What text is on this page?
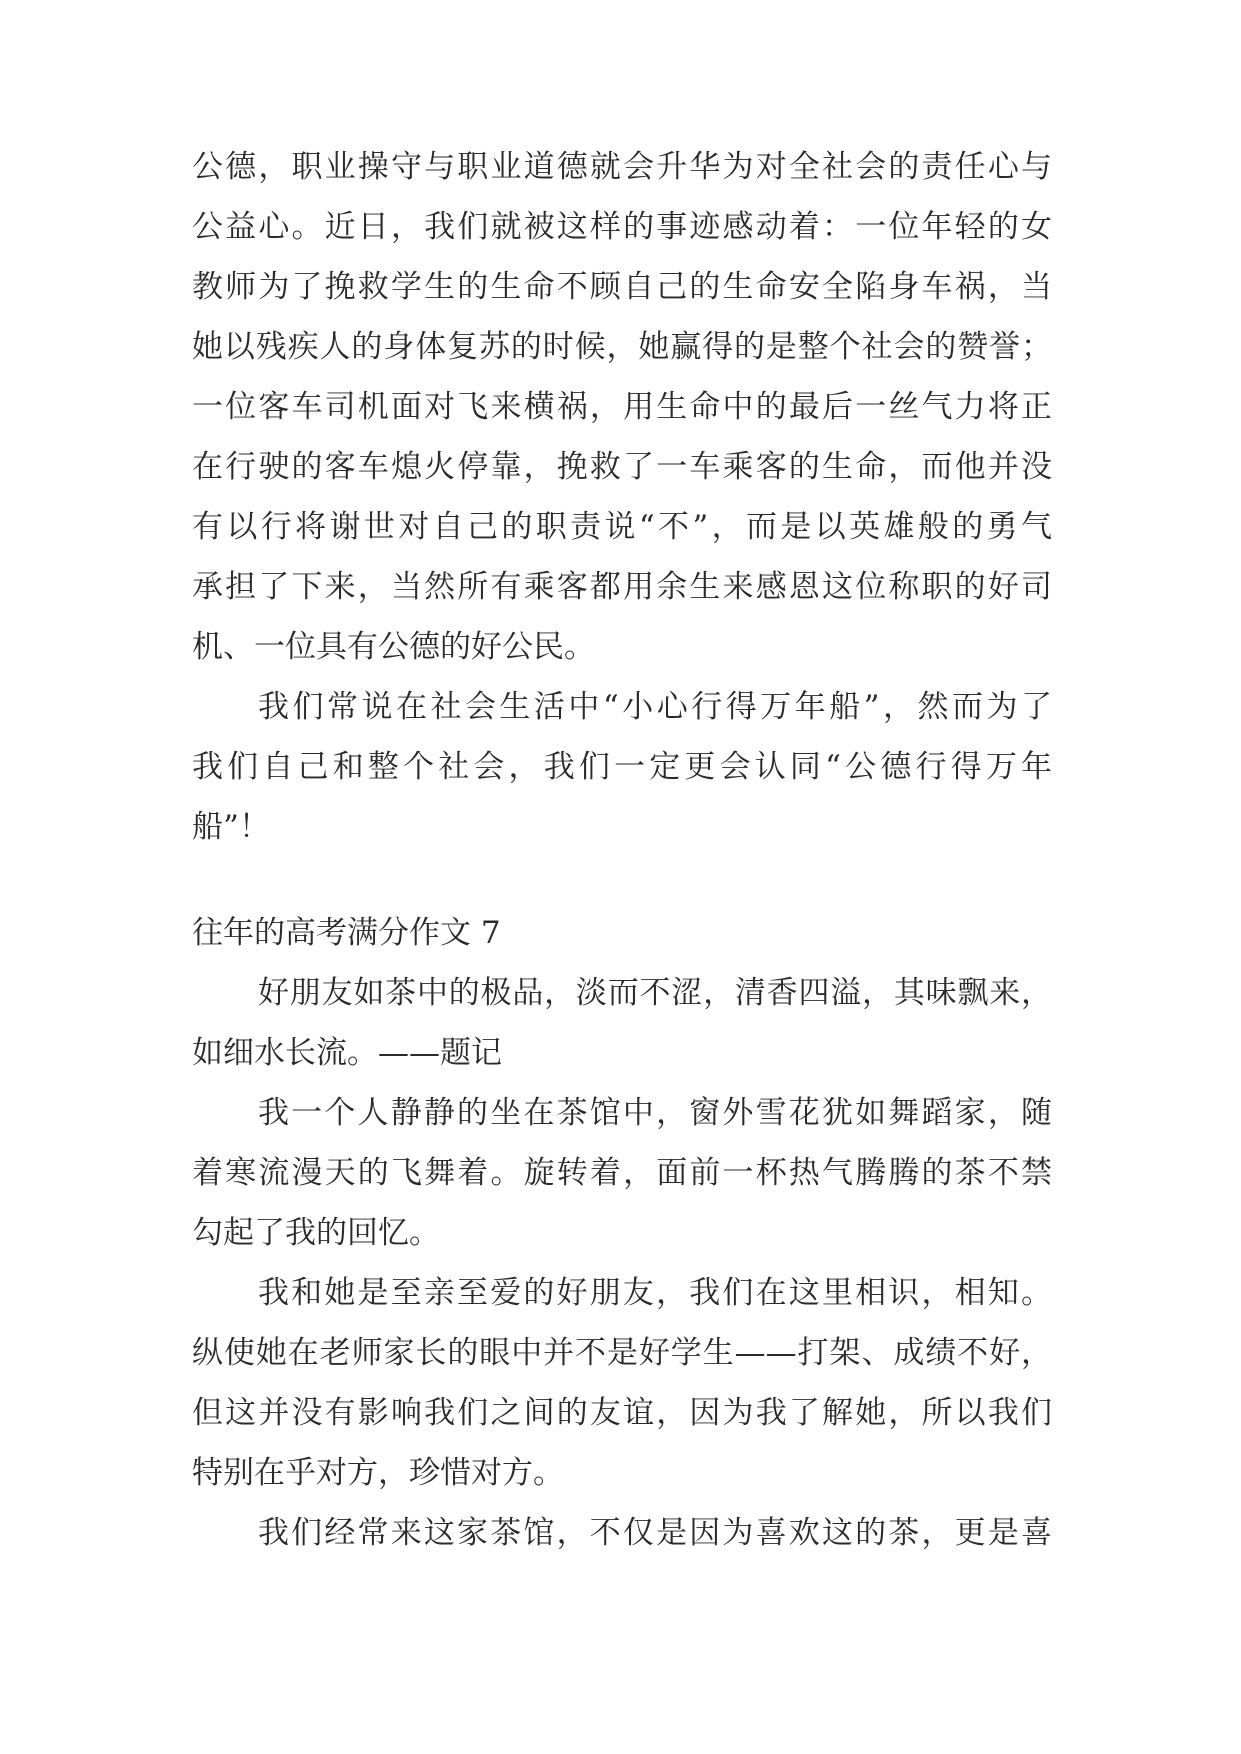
公德，职业操守与职业道德就会升华为对全社会的责任心与
公益心。近日，我们就被这样的事迹感动着：一位年轻的女
教师为了挽救学生的生命不顾自己的生命安全陷身车祸，当
她以残疾人的身体复苏的时候，她赢得的是整个社会的赞誉；
一位客车司机面对飞来横祸，用生命中的最后一丝气力将正
在行驶的客车熄火停靠，挽救了一车乘客的生命，而他并没
有以行将谢世对自己的职责说“不”，而是以英雄般的勇气
承担了下来，当然所有乘客都用余生来感恩这位称职的好司
机、一位具有公德的好公民。
我们常说在社会生活中“小心行得万年船”，然而为了
我们自己和整个社会，我们一定更会认同“公德行得万年
船”！
往年的高考满分作文 7
好朋友如茶中的极品，淡而不涩，清香四溢，其味飘来，
如细水长流。——题记
我一个人静静的坐在茶馆中，窗外雪花犹如舞蹈家，随
着寒流漫天的飞舞着。旋转着，面前一杯热气腾腾的茶不禁
勾起了我的回忆。
我和她是至亲至爱的好朋友，我们在这里相识，相知。
纵使她在老师家长的眼中并不是好学生——打架、成绩不好，
但这并没有影响我们之间的友谊，因为我了解她，所以我们
特别在乎对方，珍惜对方。
我们经常来这家茶馆，不仅是因为喜欢这的茶，更是喜
